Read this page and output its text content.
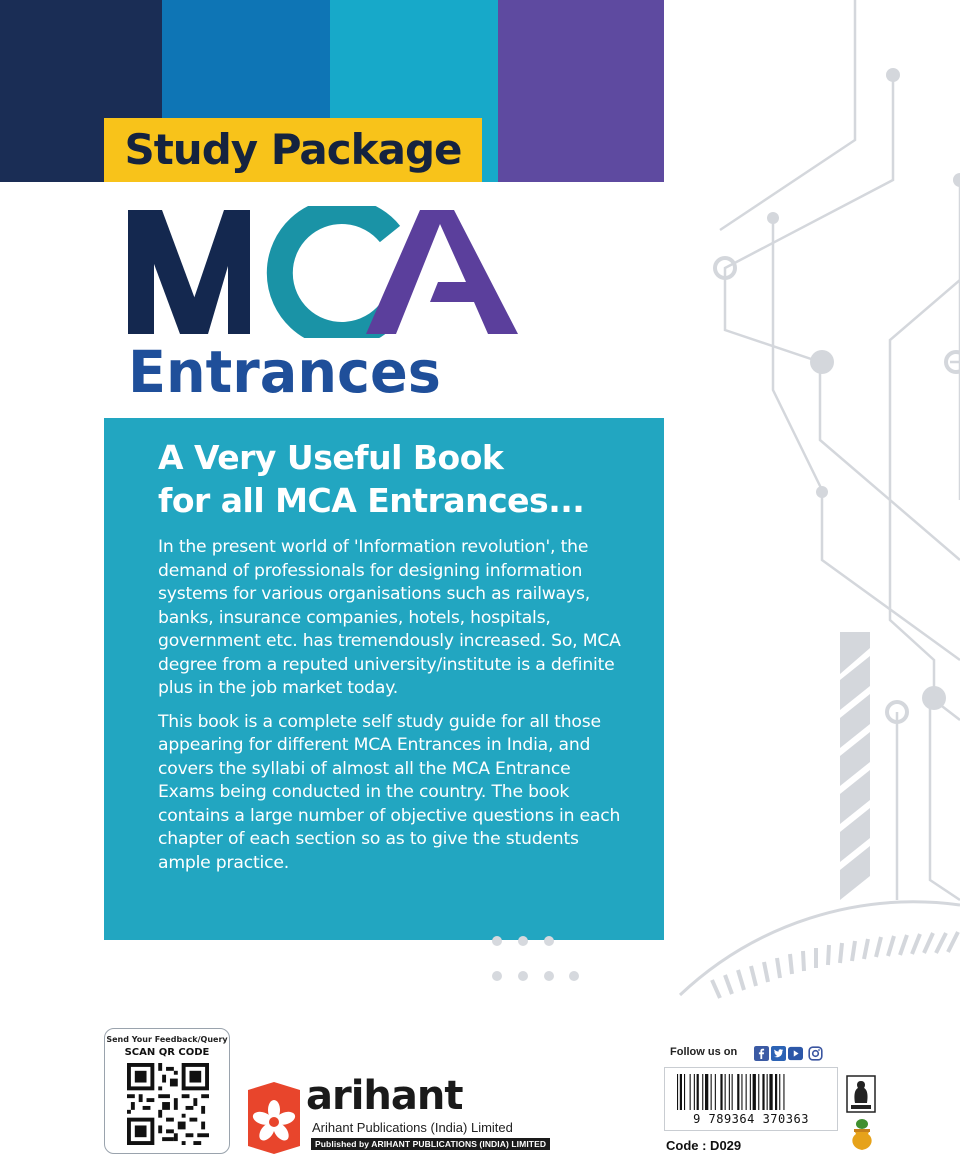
Study Package
Entrances
A Very Useful Book
for all MCA Entrances...

In the present world of 'Information revolution', the demand of professionals for designing information systems for various organisations such as railways, banks, insurance companies, hotels, hospitals, government etc. has tremendously increased. So, MCA degree from a reputed university/institute is a definite plus in the job market today.

This book is a complete self study guide for all those appearing for different MCA Entrances in India, and covers the syllabi of almost all the MCA Entrance Exams being conducted in the country. The book contains a large number of objective questions in each chapter of each section so as to give the students ample practice.

Send Your Feedback/Query
SCAN QR CODE
arihant
Arihant Publications (India) Limited
Published by ARIHANT PUBLICATIONS (INDIA) LIMITED
Follow us on
9 789364 370363
Code : D029
